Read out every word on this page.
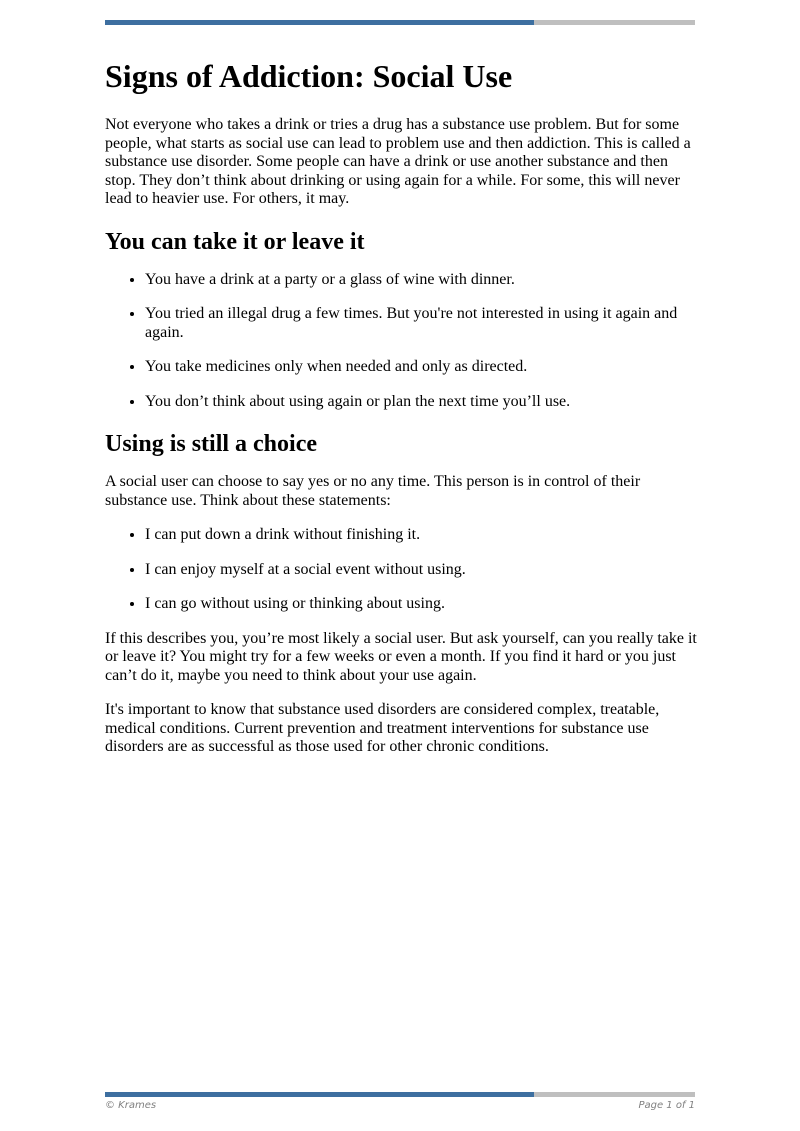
Signs of Addiction: Social Use

Not everyone who takes a drink or tries a drug has a substance use problem. But for some people, what starts as social use can lead to problem use and then addiction. This is called a substance use disorder. Some people can have a drink or use another substance and then stop. They don’t think about drinking or using again for a while. For some, this will never lead to heavier use. For others, it may.

You can take it or leave it
• You have a drink at a party or a glass of wine with dinner.
• You tried an illegal drug a few times. But you're not interested in using it again and again.
• You take medicines only when needed and only as directed.
• You don’t think about using again or plan the next time you’ll use.
Using is still a choice

A social user can choose to say yes or no any time. This person is in control of their substance use. Think about these statements:

• I can put down a drink without finishing it.
• I can enjoy myself at a social event without using.
• I can go without using or thinking about using.

If this describes you, you’re most likely a social user. But ask yourself, can you really take it or leave it? You might try for a few weeks or even a month. If you find it hard or you just can’t do it, maybe you need to think about your use again.

It's important to know that substance used disorders are considered complex, treatable, medical conditions. Current prevention and treatment interventions for substance use disorders are as successful as those used for other chronic conditions.

© Krames	Page 1 of 1
